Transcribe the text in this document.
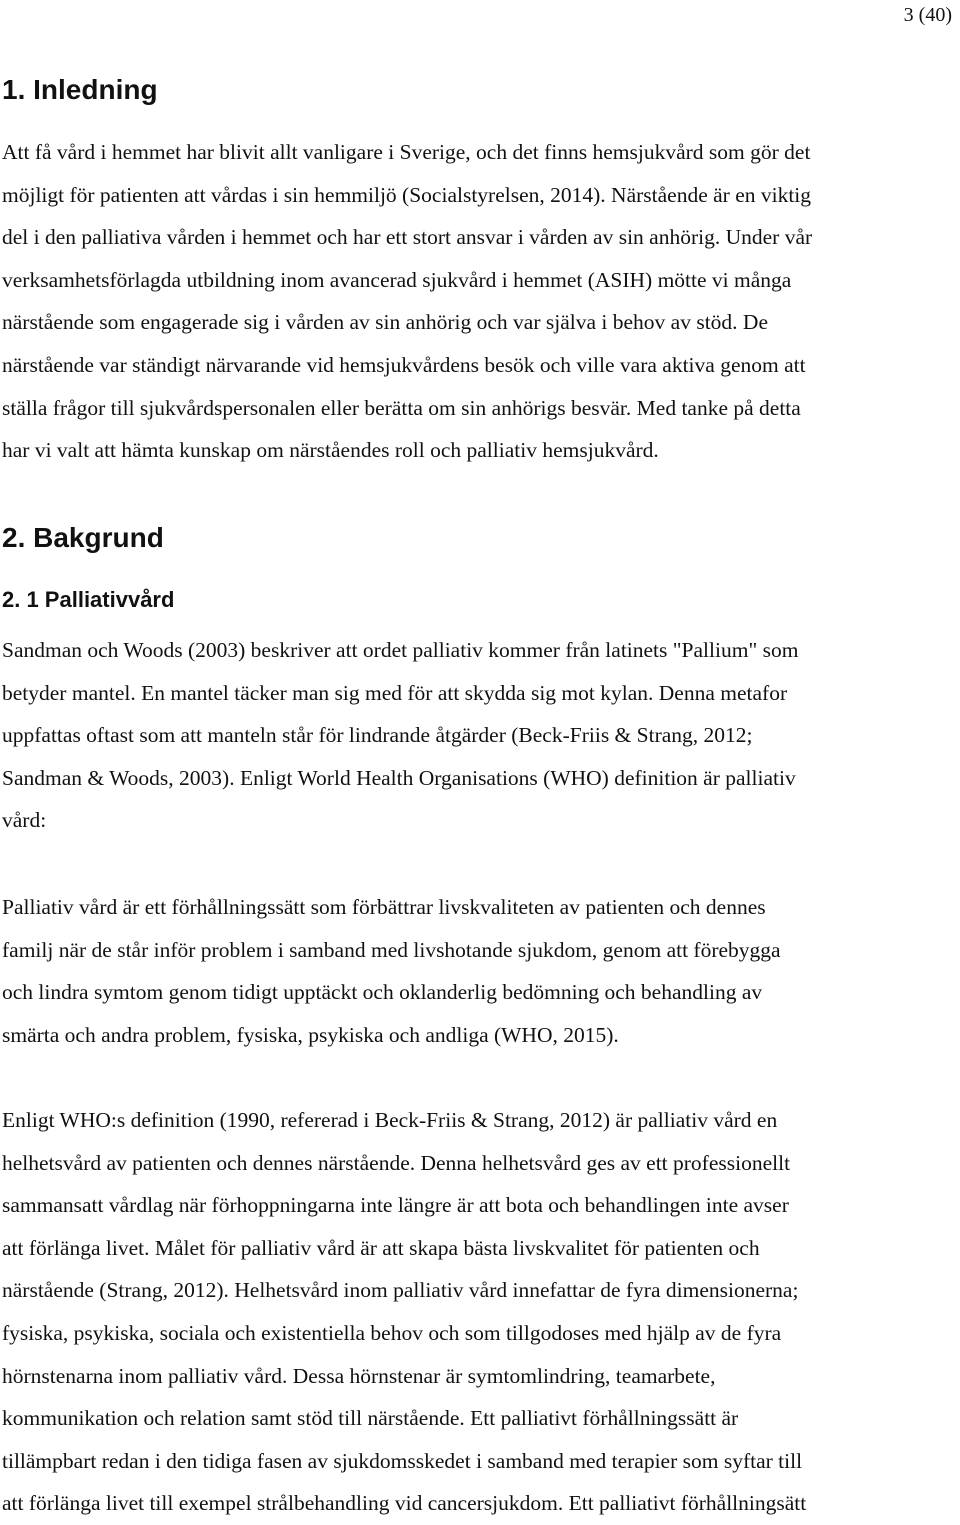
3 (40)
1. Inledning

Att få vård i hemmet har blivit allt vanligare i Sverige, och det finns hemsjukvård som gör det
möjligt för patienten att vårdas i sin hemmiljö (Socialstyrelsen, 2014). Närstående är en viktig
del i den palliativa vården i hemmet och har ett stort ansvar i vården av sin anhörig. Under vår
verksamhetsförlagda utbildning inom avancerad sjukvård i hemmet (ASIH) mötte vi många
närstående som engagerade sig i vården av sin anhörig och var själva i behov av stöd. De
närstående var ständigt närvarande vid hemsjukvårdens besök och ville vara aktiva genom att
ställa frågor till sjukvårdspersonalen eller berätta om sin anhörigs besvär. Med tanke på detta
har vi valt att hämta kunskap om närståendes roll och palliativ hemsjukvård.

2. Bakgrund
2. 1 Palliativvård

Sandman och Woods (2003) beskriver att ordet palliativ kommer från latinets "Pallium" som
betyder mantel. En mantel täcker man sig med för att skydda sig mot kylan. Denna metafor
uppfattas oftast som att manteln står för lindrande åtgärder (Beck-Friis & Strang, 2012;
Sandman & Woods, 2003). Enligt World Health Organisations (WHO) definition är palliativ
vård:

Palliativ vård är ett förhållningssätt som förbättrar livskvaliteten av patienten och dennes
familj när de står inför problem i samband med livshotande sjukdom, genom att förebygga
och lindra symtom genom tidigt upptäckt och oklanderlig bedömning och behandling av
smärta och andra problem, fysiska, psykiska och andliga (WHO, 2015).

Enligt WHO:s definition (1990, refererad i Beck-Friis & Strang, 2012) är palliativ vård en
helhetsvård av patienten och dennes närstående. Denna helhetsvård ges av ett professionellt
sammansatt vårdlag när förhoppningarna inte längre är att bota och behandlingen inte avser
att förlänga livet. Målet för palliativ vård är att skapa bästa livskvalitet för patienten och
närstående (Strang, 2012). Helhetsvård inom palliativ vård innefattar de fyra dimensionerna;
fysiska, psykiska, sociala och existentiella behov och som tillgodoses med hjälp av de fyra
hörnstenarna inom palliativ vård. Dessa hörnstenar är symtomlindring, teamarbete,
kommunikation och relation samt stöd till närstående. Ett palliativt förhållningssätt är
tillämpbart redan i den tidiga fasen av sjukdomsskedet i samband med terapier som syftar till
att förlänga livet till exempel strålbehandling vid cancersjukdom. Ett palliativt förhållningsätt
